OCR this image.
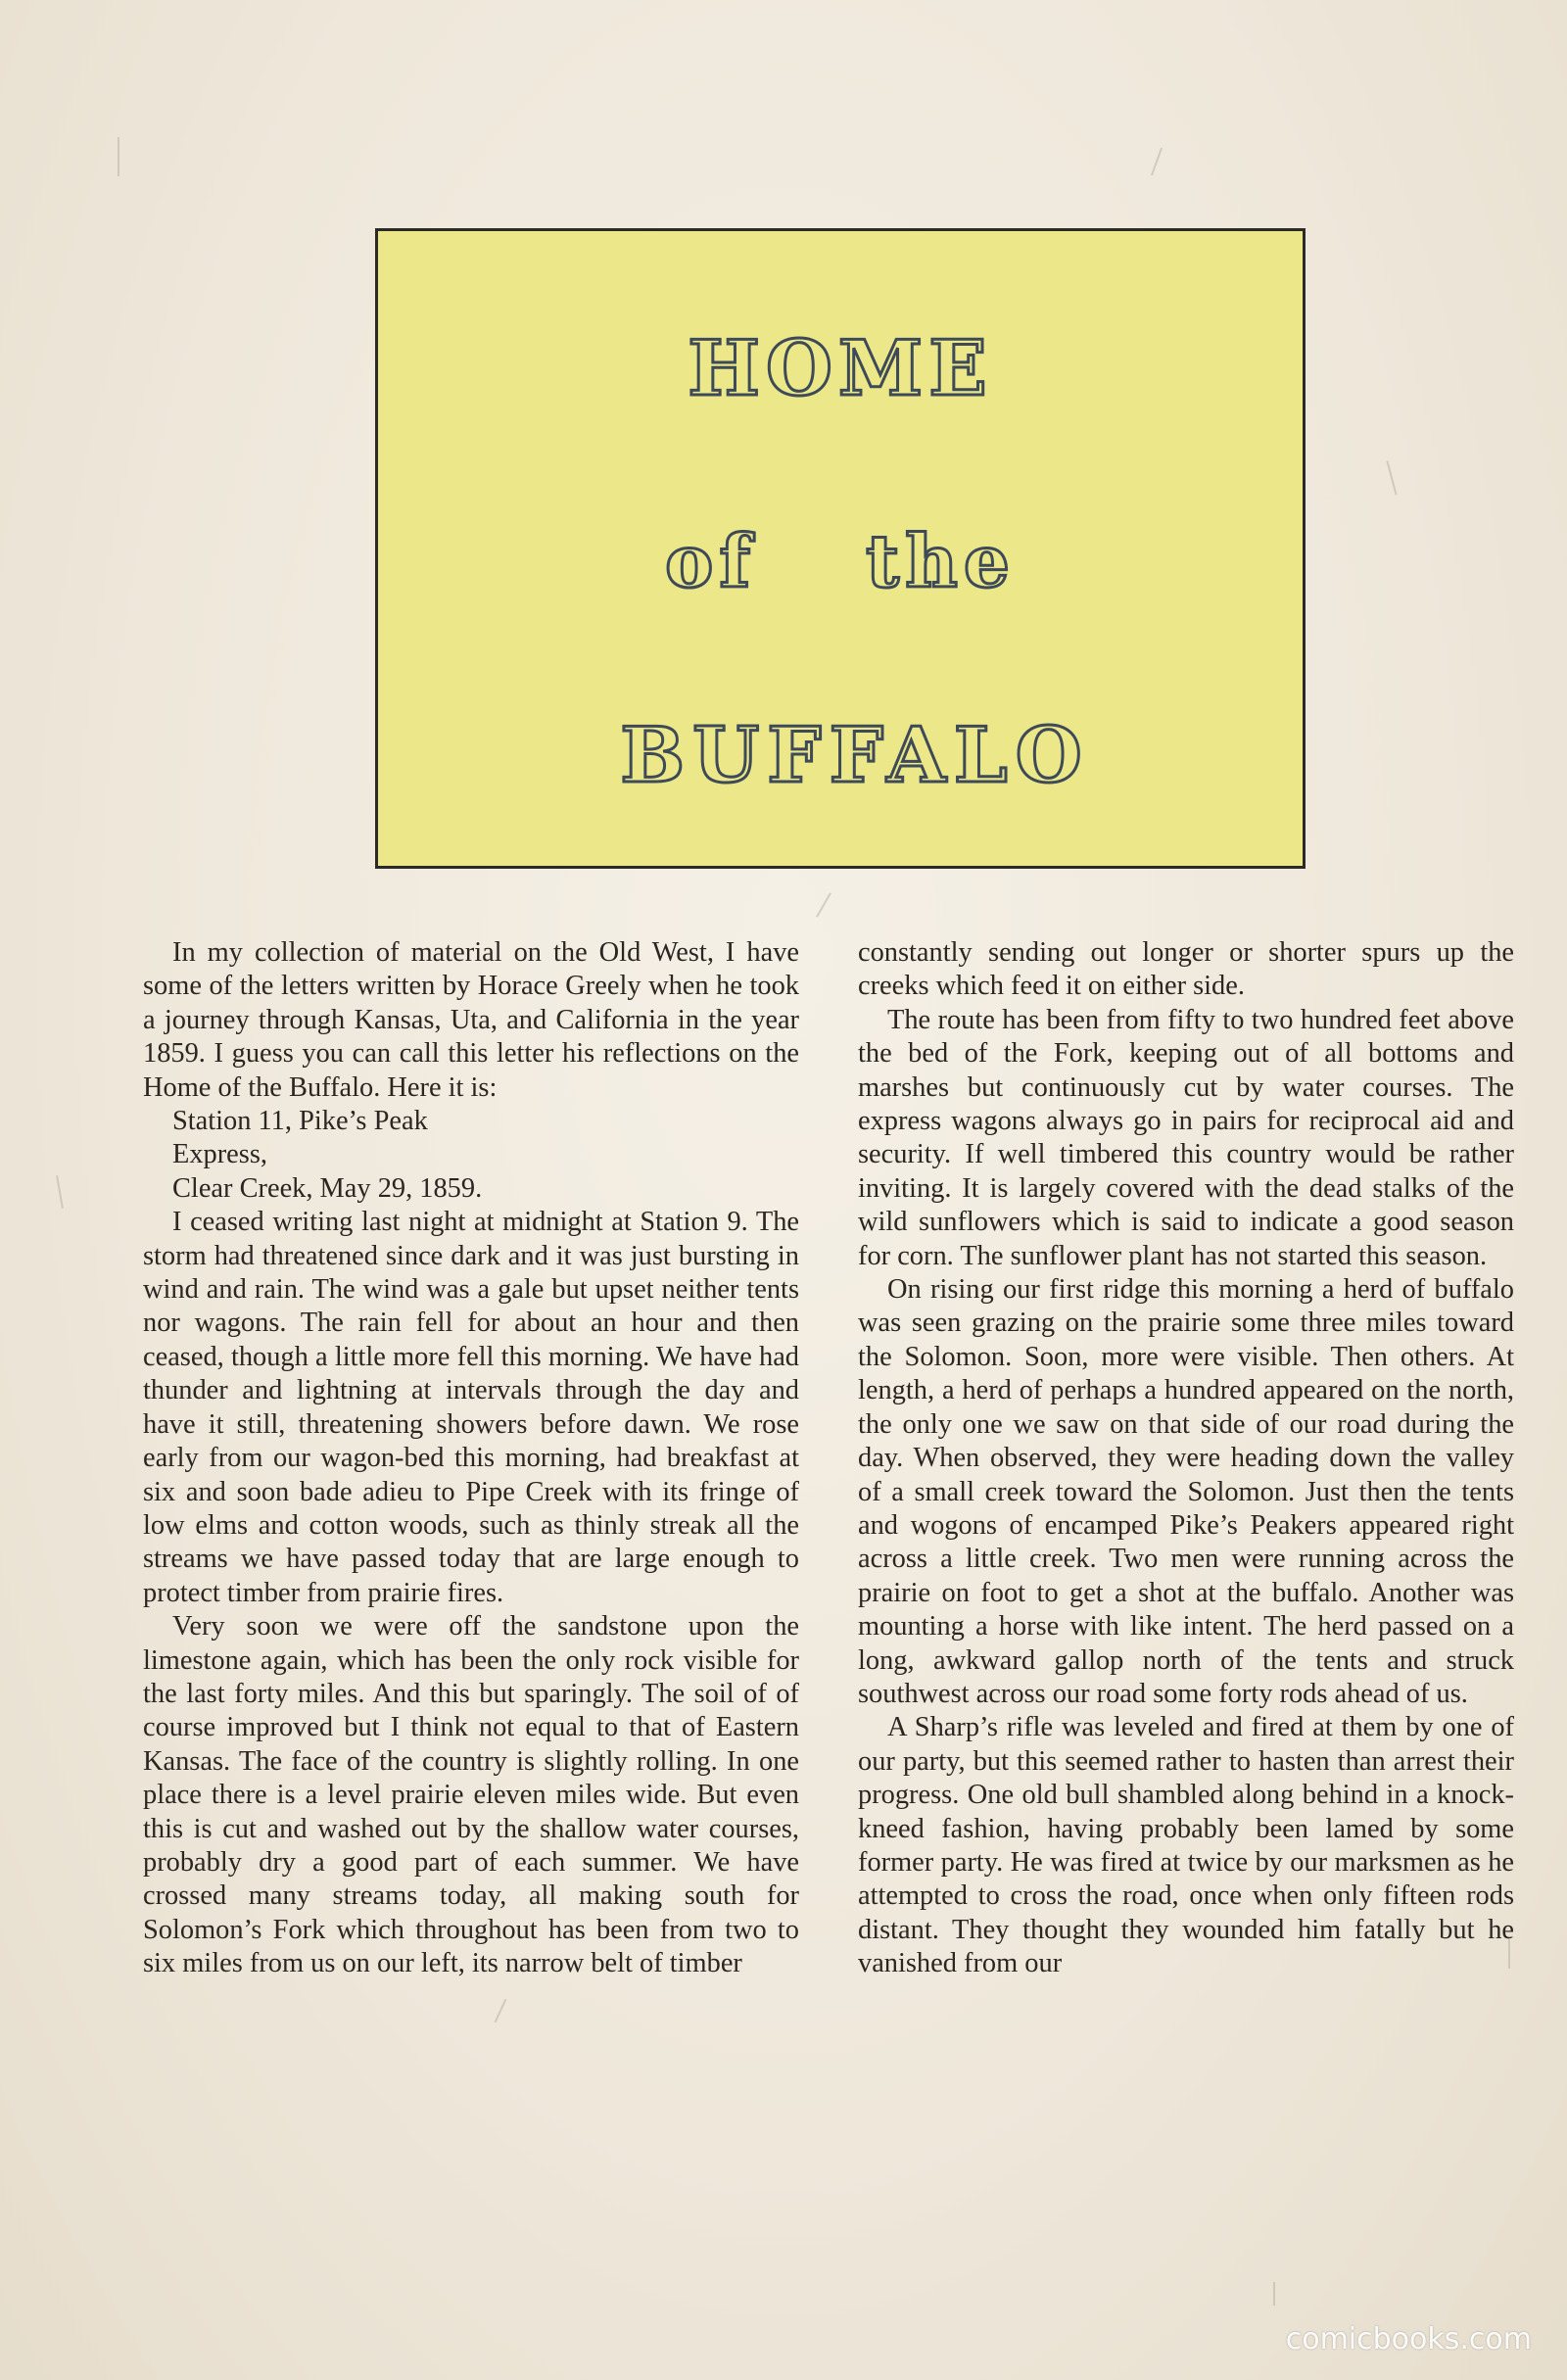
HOME
of the
BUFFALO

In my collection of material on the Old West, I have some of the letters written by Horace Greely when he took a journey through Kansas, Uta, and California in the year 1859. I guess you can call this letter his reflections on the Home of the Buffalo. Here it is:

Station 11, Pike’s Peak

Express,

Clear Creek, May 29, 1859.

I ceased writing last night at midnight at Station 9. The storm had threatened since dark and it was just bursting in wind and rain. The wind was a gale but upset neither tents nor wagons. The rain fell for about an hour and then ceased, though a little more fell this morning. We have had thunder and lightning at intervals through the day and have it still, threatening showers before dawn. We rose early from our wagon-bed this morning, had breakfast at six and soon bade adieu to Pipe Creek with its fringe of low elms and cotton woods, such as thinly streak all the streams we have passed today that are large enough to protect timber from prairie fires.

Very soon we were off the sandstone upon the limestone again, which has been the only rock visible for the last forty miles. And this but sparingly. The soil of of course improved but I think not equal to that of Eastern Kansas. The face of the country is slightly rolling. In one place there is a level prairie eleven miles wide. But even this is cut and washed out by the shallow water courses, probably dry a good part of each summer. We have crossed many streams today, all making south for Solomon’s Fork which throughout has been from two to six miles from us on our left, its narrow belt of timber

constantly sending out longer or shorter spurs up the creeks which feed it on either side.

The route has been from fifty to two hundred feet above the bed of the Fork, keeping out of all bottoms and marshes but continuously cut by water courses. The express wagons always go in pairs for reciprocal aid and security. If well timbered this country would be rather inviting. It is largely covered with the dead stalks of the wild sunflowers which is said to indicate a good season for corn. The sunflower plant has not started this season.

On rising our first ridge this morning a herd of buffalo was seen grazing on the prairie some three miles toward the Solomon. Soon, more were visible. Then others. At length, a herd of perhaps a hundred appeared on the north, the only one we saw on that side of our road during the day. When observed, they were heading down the valley of a small creek toward the Solomon. Just then the tents and wogons of encamped Pike’s Peakers appeared right across a little creek. Two men were running across the prairie on foot to get a shot at the buffalo. Another was mounting a horse with like intent. The herd passed on a long, awkward gallop north of the tents and struck southwest across our road some forty rods ahead of us.

A Sharp’s rifle was leveled and fired at them by one of our party, but this seemed rather to hasten than arrest their progress. One old bull shambled along behind in a knock-kneed fashion, having probably been lamed by some former party. He was fired at twice by our marksmen as he attempted to cross the road, once when only fifteen rods distant. They thought they wounded him fatally but he vanished from our

comicbooks.com
